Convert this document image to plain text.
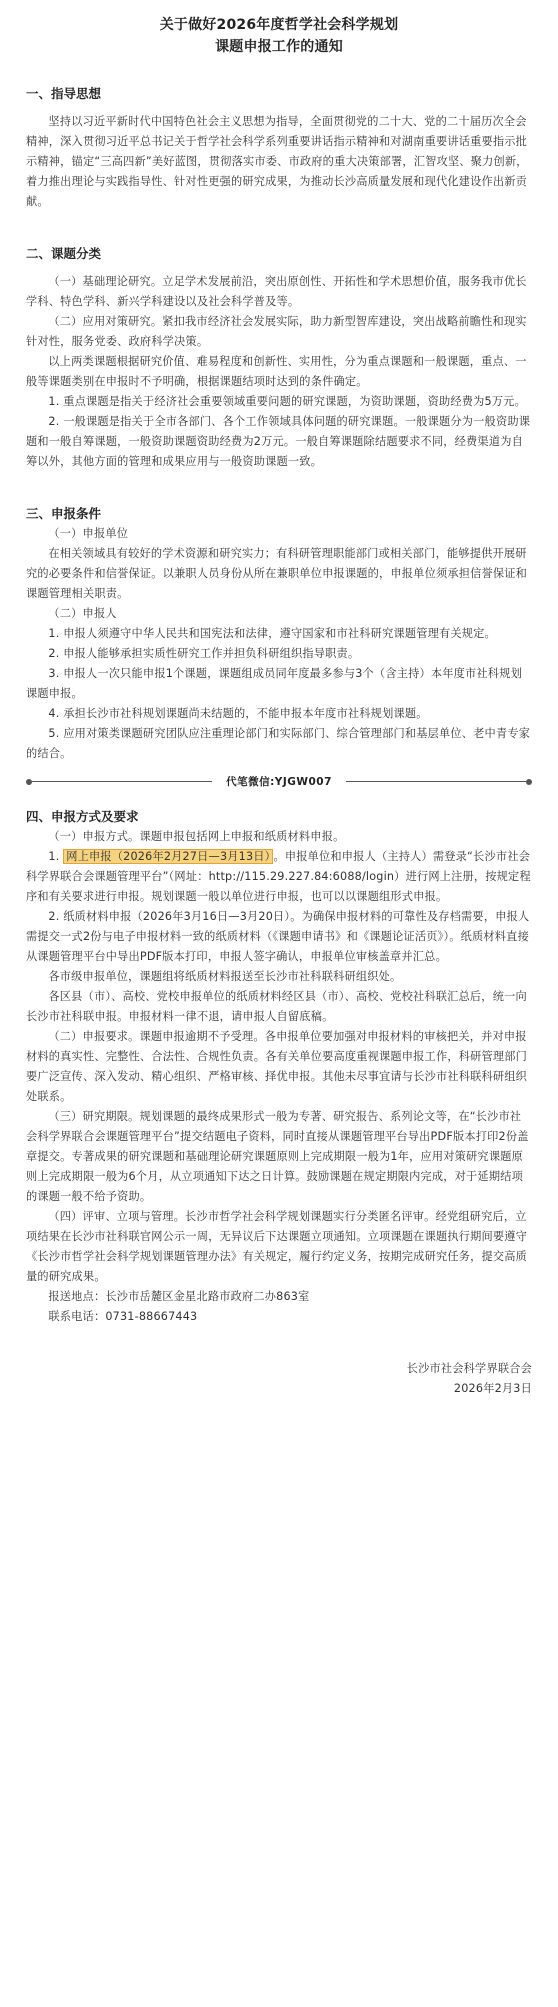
关于做好2026年度哲学社会科学规划

课题申报工作的通知

一、指导思想

坚持以习近平新时代中国特色社会主义思想为指导，全面贯彻党的二十大、党的二十届历次全会精神，深入贯彻习近平总书记关于哲学社会科学系列重要讲话指示精神和对湖南重要讲话重要指示批示精神，锚定“三高四新”美好蓝图，贯彻落实市委、市政府的重大决策部署，汇智攻坚、聚力创新，着力推出理论与实践指导性、针对性更强的研究成果，为推动长沙高质量发展和现代化建设作出新贡献。

二、课题分类

（一）基础理论研究。立足学术发展前沿，突出原创性、开拓性和学术思想价值，服务我市优长学科、特色学科、新兴学科建设以及社会科学普及等。

（二）应用对策研究。紧扣我市经济社会发展实际，助力新型智库建设，突出战略前瞻性和现实针对性，服务党委、政府科学决策。

以上两类课题根据研究价值、难易程度和创新性、实用性，分为重点课题和一般课题，重点、一般等课题类别在申报时不予明确，根据课题结项时达到的条件确定。

1. 重点课题是指关于经济社会重要领域重要问题的研究课题，为资助课题，资助经费为5万元。

2. 一般课题是指关于全市各部门、各个工作领域具体问题的研究课题。一般课题分为一般资助课题和一般自筹课题，一般资助课题资助经费为2万元。一般自筹课题除结题要求不同，经费渠道为自筹以外，其他方面的管理和成果应用与一般资助课题一致。

三、申报条件

（一）申报单位

在相关领域具有较好的学术资源和研究实力；有科研管理职能部门或相关部门，能够提供开展研究的必要条件和信誉保证。以兼职人员身份从所在兼职单位申报课题的，申报单位须承担信誉保证和课题管理相关职责。

（二）申报人

1. 申报人须遵守中华人民共和国宪法和法律，遵守国家和市社科研究课题管理有关规定。

2. 申报人能够承担实质性研究工作并担负科研组织指导职责。

3. 申报人一次只能申报1个课题，课题组成员同年度最多参与3个（含主持）本年度市社科规划课题申报。

4. 承担长沙市社科规划课题尚未结题的，不能申报本年度市社科规划课题。

5. 应用对策类课题研究团队应注重理论部门和实际部门、综合管理部门和基层单位、老中青专家的结合。

代笔微信:YJGW007
四、申报方式及要求

（一）申报方式。课题申报包括网上申报和纸质材料申报。

1. 网上申报（2026年2月27日—3月13日） 。申报单位和申报人（主持人）需登录“长沙市社会科学界联合会课题管理平台”（网址：http://115.29.227.84:6088/login）进行网上注册，按规定程序和有关要求进行申报。规划课题一般以单位进行申报，也可以以课题组形式申报。

2. 纸质材料申报（2026年3月16日—3月20日）。为确保申报材料的可靠性及存档需要，申报人需提交一式2份与电子申报材料一致的纸质材料（《课题申请书》和《课题论证活页》）。纸质材料直接从课题管理平台中导出PDF版本打印，申报人签字确认，申报单位审核盖章并汇总。

各市级申报单位，课题组将纸质材料报送至长沙市社科联科研组织处。

各区县（市）、高校、党校申报单位的纸质材料经区县（市）、高校、党校社科联汇总后，统一向长沙市社科联申报。申报材料一律不退，请申报人自留底稿。

（二）申报要求。课题申报逾期不予受理。各申报单位要加强对申报材料的审核把关，并对申报材料的真实性、完整性、合法性、合规性负责。各有关单位要高度重视课题申报工作，科研管理部门要广泛宣传、深入发动、精心组织、严格审核、择优申报。其他未尽事宜请与长沙市社科联科研组织处联系。

（三）研究期限。规划课题的最终成果形式一般为专著、研究报告、系列论文等，在“长沙市社会科学界联合会课题管理平台”提交结题电子资料，同时直接从课题管理平台导出PDF版本打印2份盖章提交。专著成果的研究课题和基础理论研究课题原则上完成期限一般为1年，应用对策研究课题原则上完成期限一般为6个月，从立项通知下达之日计算。鼓励课题在规定期限内完成，对于延期结项的课题一般不给予资助。

（四）评审、立项与管理。长沙市哲学社会科学规划课题实行分类匿名评审。经党组研究后，立项结果在长沙市社科联官网公示一周，无异议后下达课题立项通知。立项课题在课题执行期间要遵守《长沙市哲学社会科学规划课题管理办法》有关规定，履行约定义务，按期完成研究任务，提交高质量的研究成果。

报送地点：长沙市岳麓区金星北路市政府二办863室

联系电话：0731-88667443

长沙市社会科学界联合会

2026年2月3日
